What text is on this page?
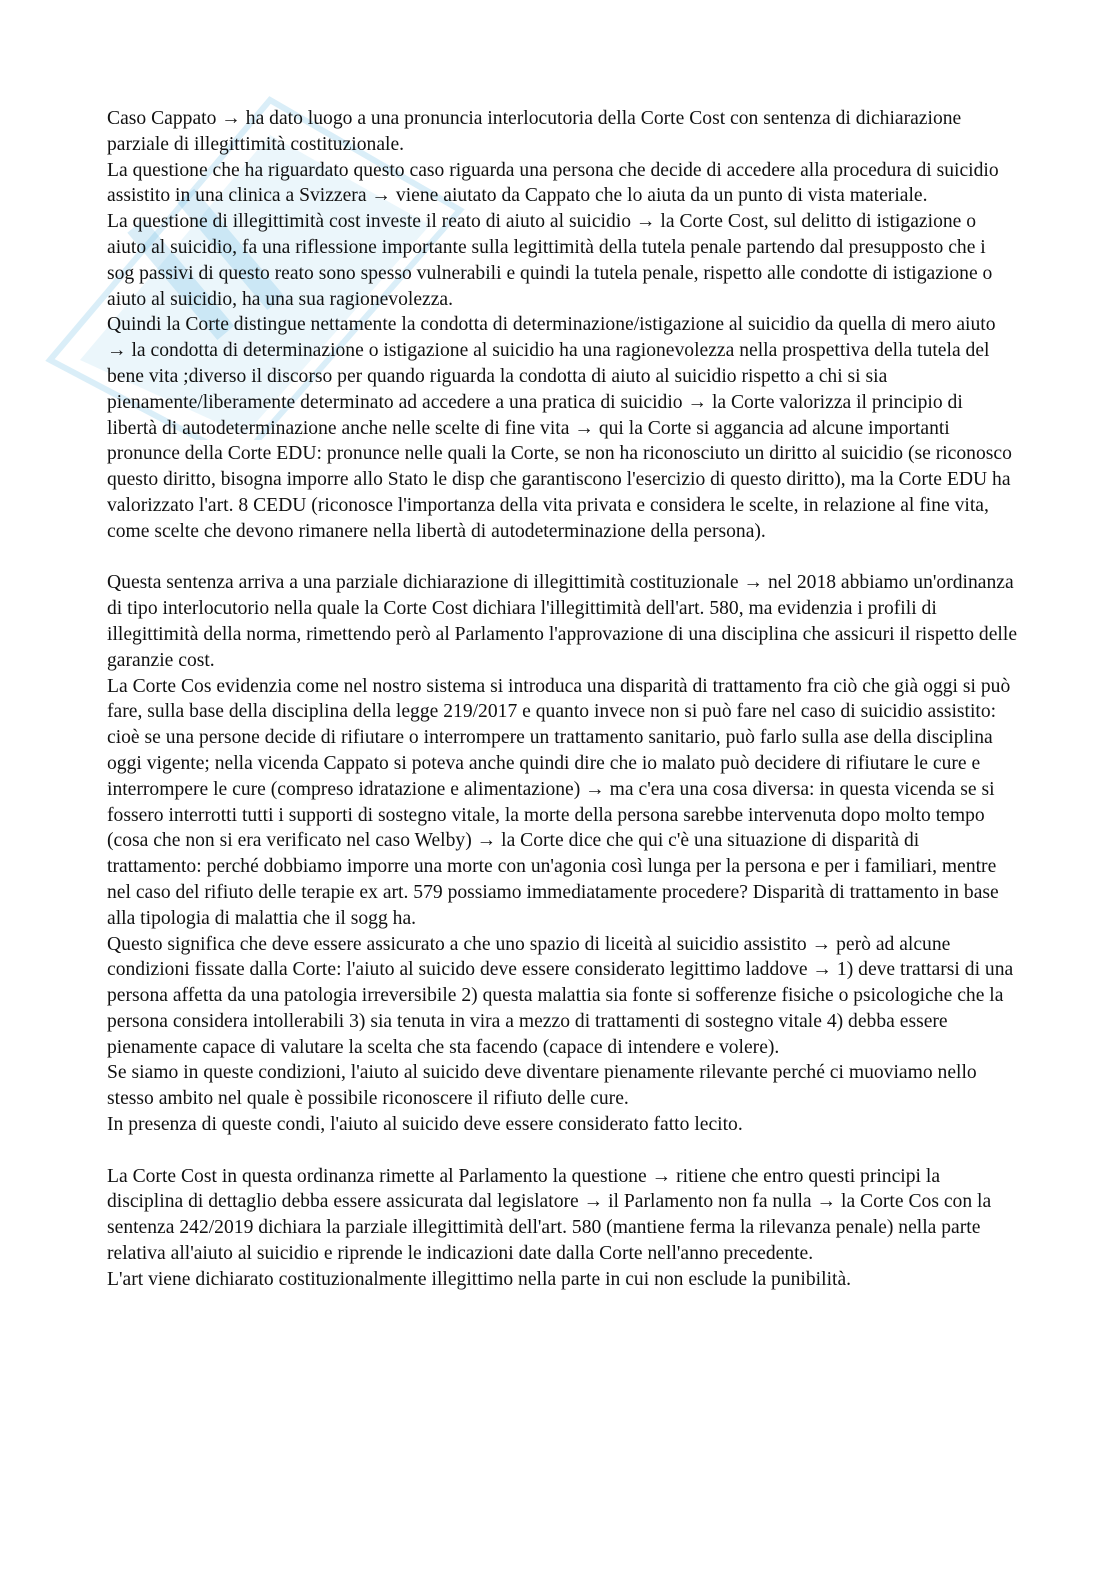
Caso Cappato → ha dato luogo a una pronuncia interlocutoria della Corte Cost con sentenza di dichiarazione parziale di illegittimità costituzionale.

La questione che ha riguardato questo caso riguarda una persona che decide di accedere alla procedura di suicidio assistito in una clinica a Svizzera → viene aiutato da Cappato che lo aiuta da un punto di vista materiale.

La questione di illegittimità cost investe il reato di aiuto al suicidio → la Corte Cost, sul delitto di istigazione o aiuto al suicidio, fa una riflessione importante sulla legittimità della tutela penale partendo dal presupposto che i sog passivi di questo reato sono spesso vulnerabili e quindi la tutela penale, rispetto alle condotte di istigazione o aiuto al suicidio, ha una sua ragionevolezza.

Quindi la Corte distingue nettamente la condotta di determinazione/istigazione al suicidio da quella di mero aiuto → la condotta di determinazione o istigazione al suicidio ha una ragionevolezza nella prospettiva della tutela del bene vita ;diverso il discorso per quando riguarda la condotta di aiuto al suicidio rispetto a chi si sia pienamente/liberamente determinato ad accedere a una pratica di suicidio → la Corte valorizza il principio di libertà di autodeterminazione anche nelle scelte di fine vita → qui la Corte si aggancia ad alcune importanti pronunce della Corte EDU: pronunce nelle quali la Corte, se non ha riconosciuto un diritto al suicidio (se riconosco questo diritto, bisogna imporre allo Stato le disp che garantiscono l'esercizio di questo diritto), ma la Corte EDU ha valorizzato l'art. 8 CEDU (riconosce l'importanza della vita privata e considera le scelte, in relazione al fine vita, come scelte che devono rimanere nella libertà di autodeterminazione della persona).

Questa sentenza arriva a una parziale dichiarazione di illegittimità costituzionale → nel 2018 abbiamo un'ordinanza di tipo interlocutorio nella quale la Corte Cost dichiara l'illegittimità dell'art. 580, ma evidenzia i profili di illegittimità della norma, rimettendo però al Parlamento l'approvazione di una disciplina che assicuri il rispetto delle garanzie cost.

La Corte Cos evidenzia come nel nostro sistema si introduca una disparità di trattamento fra ciò che già oggi si può fare, sulla base della disciplina della legge 219/2017 e quanto invece non si può fare nel caso di suicidio assistito: cioè se una persone decide di rifiutare o interrompere un trattamento sanitario, può farlo sulla ase della disciplina oggi vigente; nella vicenda Cappato si poteva anche quindi dire che io malato può decidere di rifiutare le cure e interrompere le cure (compreso idratazione e alimentazione) → ma c'era una cosa diversa: in questa vicenda se si fossero interrotti tutti i supporti di sostegno vitale, la morte della persona sarebbe intervenuta dopo molto tempo (cosa che non si era verificato nel caso Welby) → la Corte dice che qui c'è una situazione di disparità di trattamento: perché dobbiamo imporre una morte con un'agonia così lunga per la persona e per i familiari, mentre nel caso del rifiuto delle terapie ex art. 579 possiamo immediatamente procedere? Disparità di trattamento in base alla tipologia di malattia che il sogg ha.

Questo significa che deve essere assicurato a che uno spazio di liceità al suicidio assistito → però ad alcune condizioni fissate dalla Corte: l'aiuto al suicido deve essere considerato legittimo laddove → 1) deve trattarsi di una persona affetta da una patologia irreversibile 2) questa malattia sia fonte si sofferenze fisiche o psicologiche che la persona considera intollerabili 3) sia tenuta in vira a mezzo di trattamenti di sostegno vitale 4) debba essere pienamente capace di valutare la scelta che sta facendo (capace di intendere e volere).

Se siamo in queste condizioni, l'aiuto al suicido deve diventare pienamente rilevante perché ci muoviamo nello stesso ambito nel quale è possibile riconoscere il rifiuto delle cure.

In presenza di queste condi, l'aiuto al suicido deve essere considerato fatto lecito.

La Corte Cost in questa ordinanza rimette al Parlamento la questione → ritiene che entro questi principi la disciplina di dettaglio debba essere assicurata dal legislatore → il Parlamento non fa nulla → la Corte Cos con la sentenza 242/2019 dichiara la parziale illegittimità dell'art. 580 (mantiene ferma la rilevanza penale) nella parte relativa all'aiuto al suicidio e riprende le indicazioni date dalla Corte nell'anno precedente.

L'art viene dichiarato costituzionalmente illegittimo nella parte in cui non esclude la punibilità.
